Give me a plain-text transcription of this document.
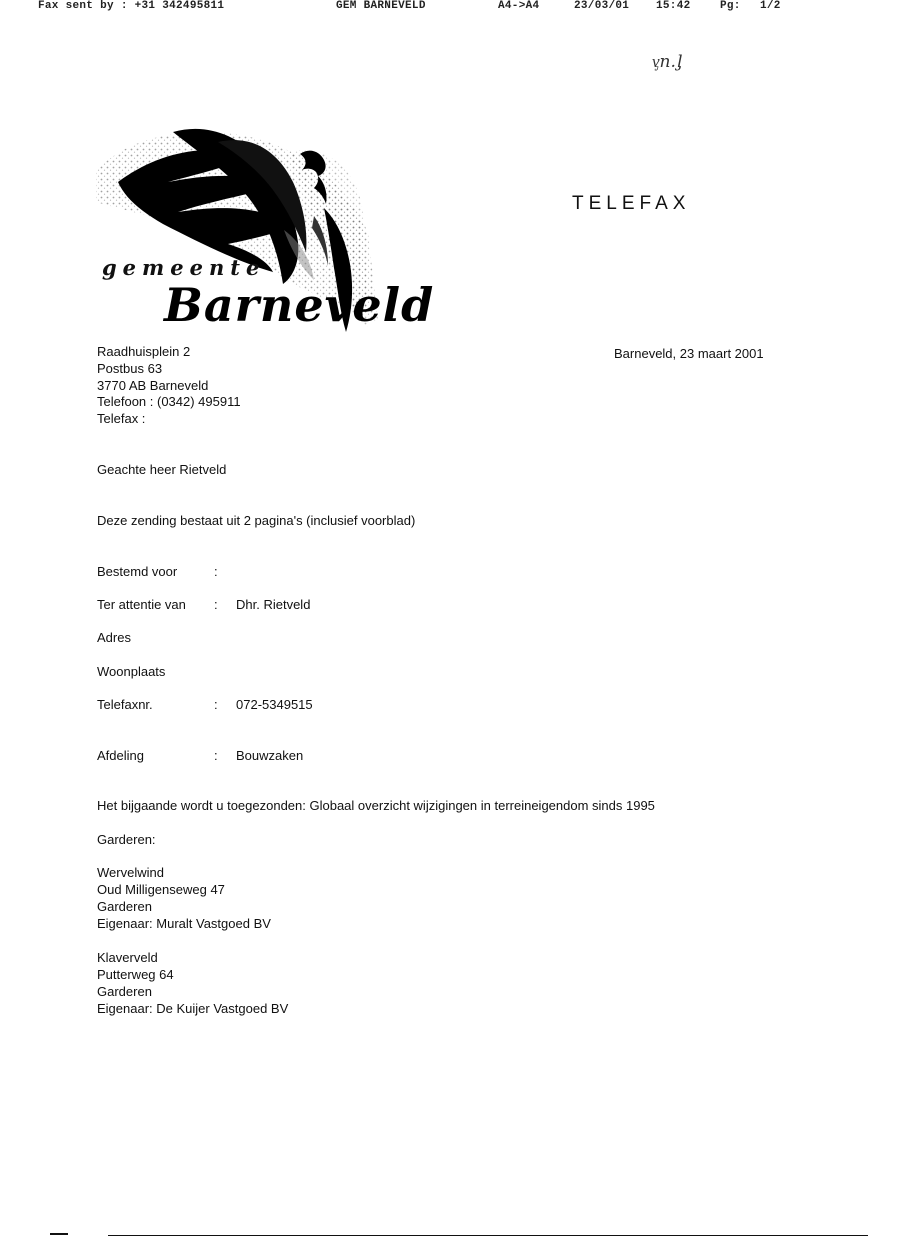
Fax sent by : +31 342495811	GEM BARNEVELD	A4->A4	23/03/01 15:42	Pg: 1/2
ᶌn.ᶅ
gemeente
Barneveld
TELEFAX
Raadhuisplein 2
Postbus 63
3770 AB Barneveld
Telefoon : (0342) 495911
Telefax :
Barneveld, 23 maart 2001
Geachte heer Rietveld
Deze zending bestaat uit 2 pagina's (inclusief voorblad)
Bestemd voor	:
Ter attentie van : Dhr. Rietveld
Adres
Woonplaats
Telefaxnr.	: 072-5349515
Afdeling	: Bouwzaken
Het bijgaande wordt u toegezonden: Globaal overzicht wijzigingen in terreineigendom sinds 1995
Garderen:
Wervelwind
Oud Milligenseweg 47
Garderen
Eigenaar: Muralt Vastgoed BV
Klaverveld
Putterweg 64
Garderen
Eigenaar: De Kuijer Vastgoed BV
